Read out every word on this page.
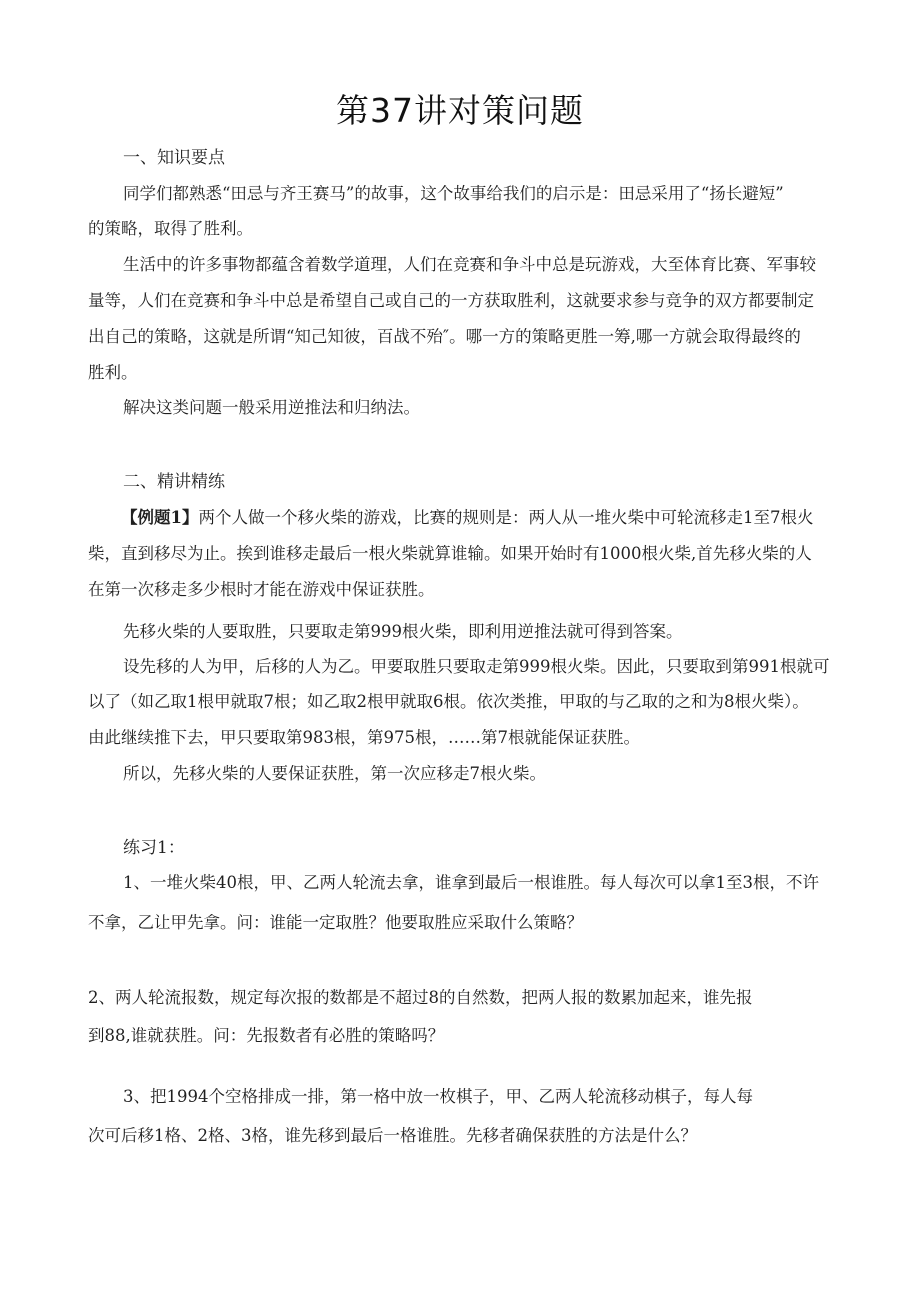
第37讲对策问题
一、知识要点
同学们都熟悉“田忌与齐王赛马”的故事，这个故事给我们的启示是：田忌采用了“扬长避短”
的策略，取得了胜利。
生活中的许多事物都蕴含着数学道理，人们在竞赛和争斗中总是玩游戏，大至体育比赛、军事较
量等，人们在竞赛和争斗中总是希望自己或自己的一方获取胜利，这就要求参与竞争的双方都要制定
出自己的策略，这就是所谓“知己知彼，百战不殆″。哪一方的策略更胜一筹,哪一方就会取得最终的
胜利。
解决这类问题一般采用逆推法和归纳法。
二、精讲精练
【例题1】两个人做一个移火柴的游戏，比赛的规则是：两人从一堆火柴中可轮流移走1至7根火
柴，直到移尽为止。挨到谁移走最后一根火柴就算谁输。如果开始时有1000根火柴,首先移火柴的人
在第一次移走多少根时才能在游戏中保证获胜。
先移火柴的人要取胜，只要取走第999根火柴，即利用逆推法就可得到答案。
设先移的人为甲，后移的人为乙。甲要取胜只要取走第999根火柴。因此，只要取到第991根就可
以了（如乙取1根甲就取7根；如乙取2根甲就取6根。依次类推，甲取的与乙取的之和为8根火柴）。
由此继续推下去，甲只要取第983根，第975根，……第7根就能保证获胜。
所以，先移火柴的人要保证获胜，第一次应移走7根火柴。
练习1：
1、一堆火柴40根，甲、乙两人轮流去拿，谁拿到最后一根谁胜。每人每次可以拿1至3根，不许
不拿，乙让甲先拿。问：谁能一定取胜？他要取胜应采取什么策略？
2、两人轮流报数，规定每次报的数都是不超过8的自然数，把两人报的数累加起来，谁先报
到88,谁就获胜。问：先报数者有必胜的策略吗？
3、把1994个空格排成一排，第一格中放一枚棋子，甲、乙两人轮流移动棋子，每人每
次可后移1格、2格、3格，谁先移到最后一格谁胜。先移者确保获胜的方法是什么？
